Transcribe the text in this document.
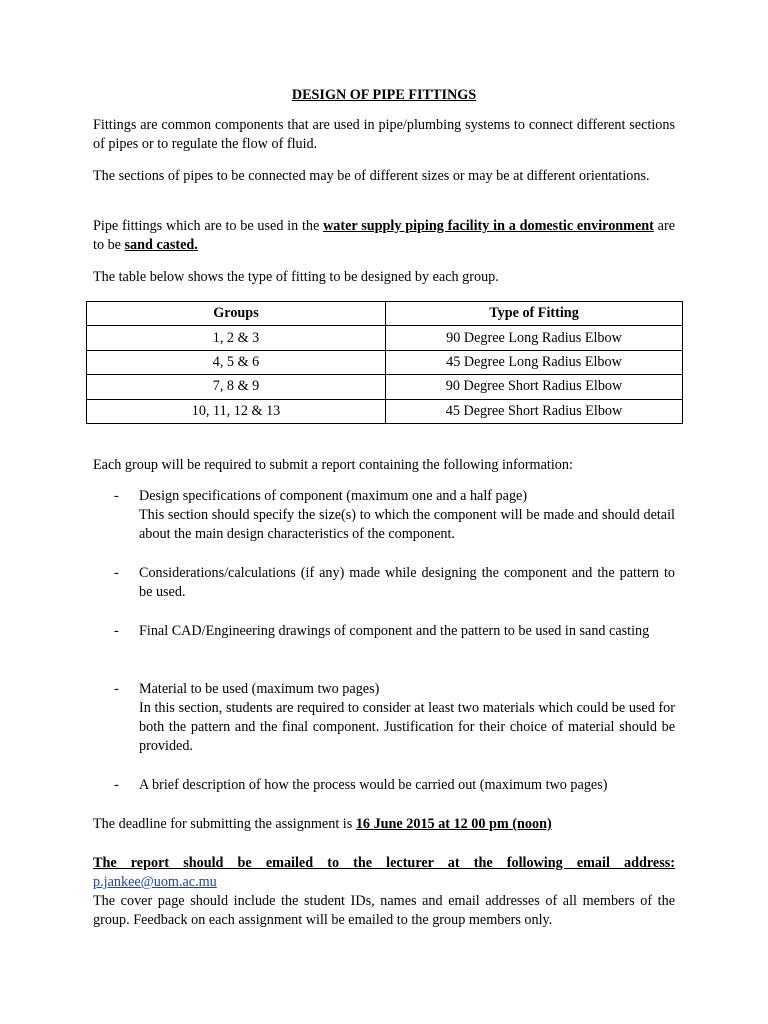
DESIGN OF PIPE FITTINGS
Fittings are common components that are used in pipe/plumbing systems to connect different sections of pipes or to regulate the flow of fluid.
The sections of pipes to be connected may be of different sizes or may be at different orientations.
Pipe fittings which are to be used in the water supply piping facility in a domestic environment are to be sand casted.
The table below shows the type of fitting to be designed by each group.
Groups	Type of Fitting
1, 2 & 3	90 Degree Long Radius Elbow
4, 5 & 6	45 Degree Long Radius Elbow
7, 8 & 9	90 Degree Short Radius Elbow
10, 11, 12 & 13	45 Degree Short Radius Elbow
Each group will be required to submit a report containing the following information:
- Design specifications of component (maximum one and a half page)
This section should specify the size(s) to which the component will be made and should detail about the main design characteristics of the component.
- Considerations/calculations (if any) made while designing the component and the pattern to be used.
- Final CAD/Engineering drawings of component and the pattern to be used in sand casting
- Material to be used (maximum two pages)
In this section, students are required to consider at least two materials which could be used for both the pattern and the final component. Justification for their choice of material should be provided.
- A brief description of how the process would be carried out (maximum two pages)
The deadline for submitting the assignment is 16 June 2015 at 12 00 pm (noon)
The report should be emailed to the lecturer at the following email address:
p.jankee@uom.ac.mu
The cover page should include the student IDs, names and email addresses of all members of the group. Feedback on each assignment will be emailed to the group members only.
